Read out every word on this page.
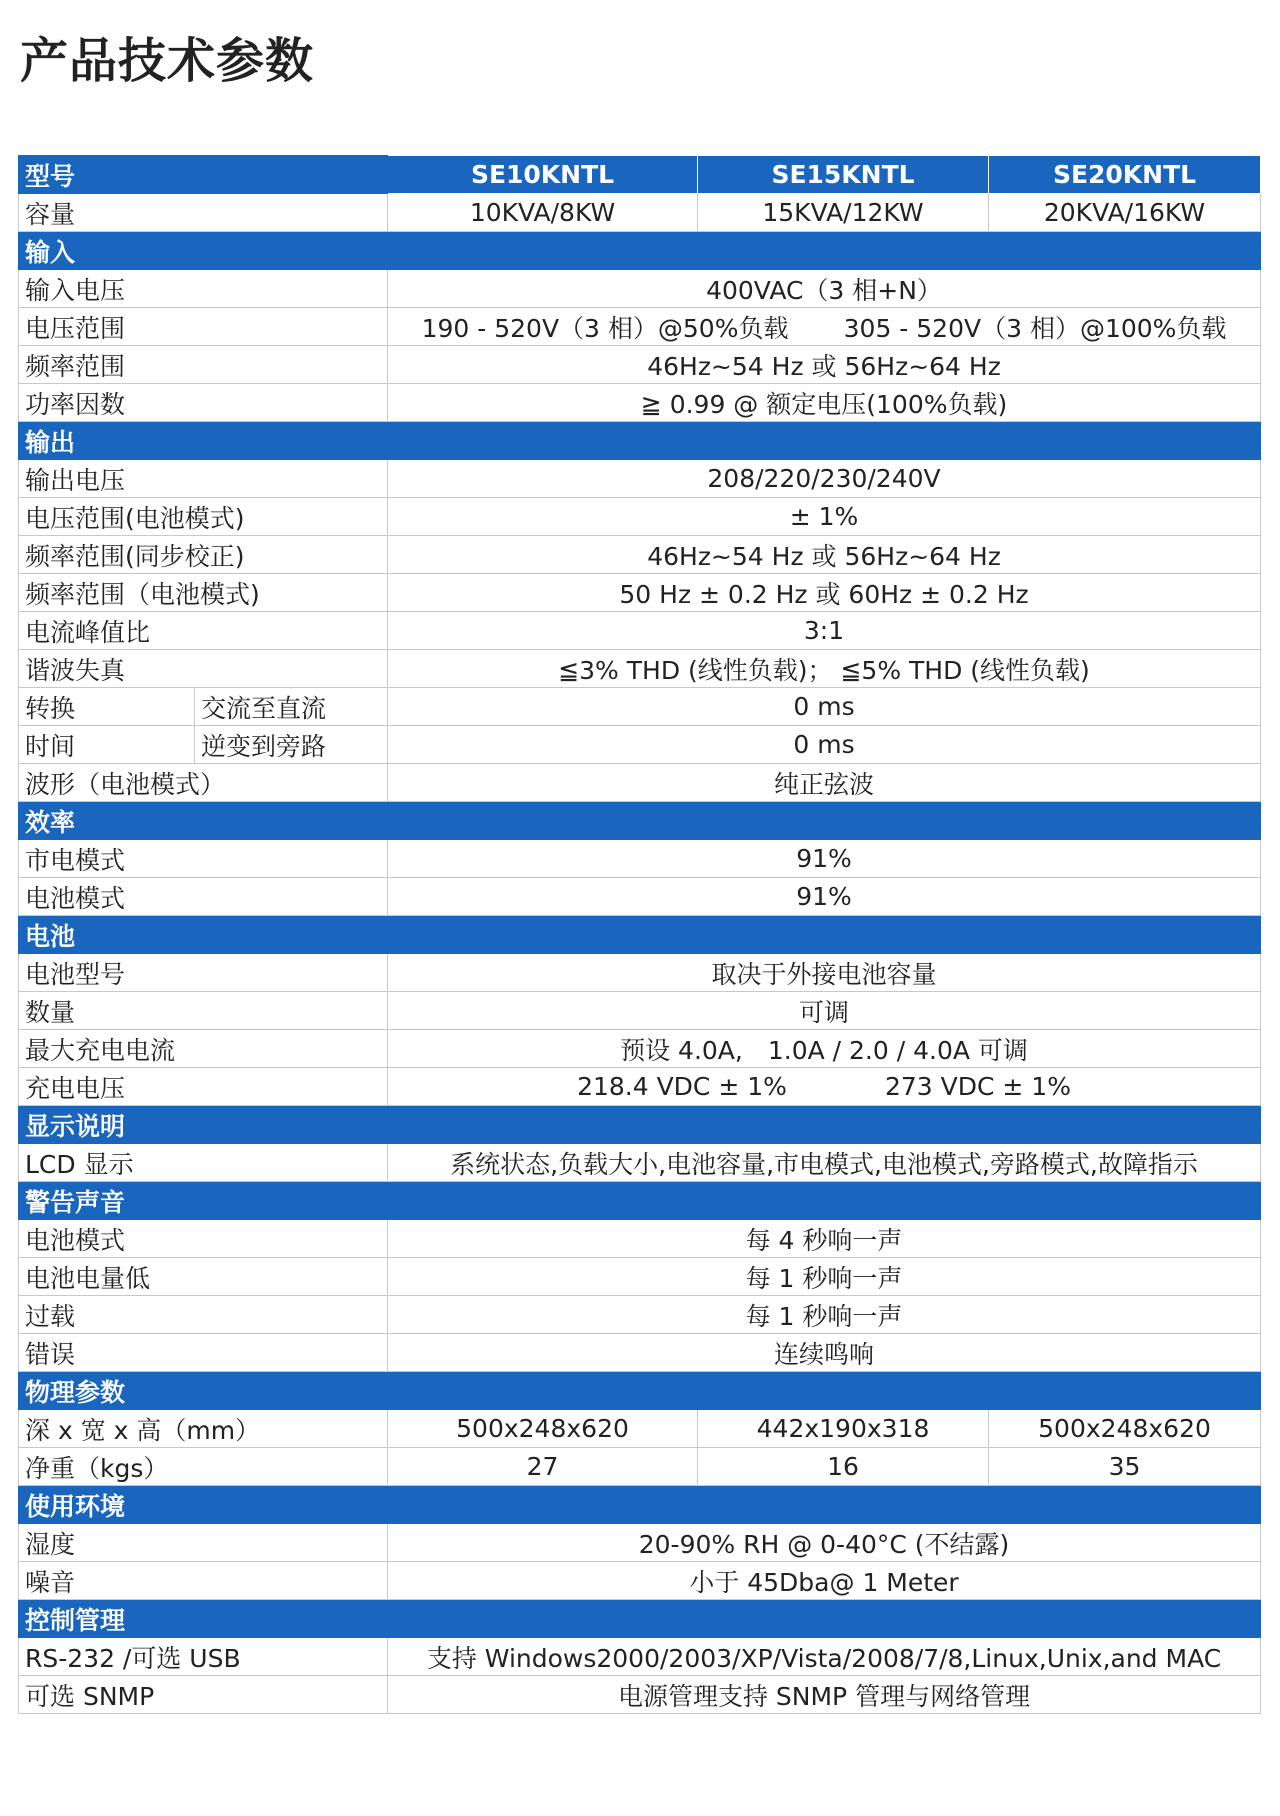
产品技术参数
型号		SE10KNTL	SE15KNTL	SE20KNTL
容量		10KVA/8KW	15KVA/12KW	20KVA/16KW
输入				
输入电压		400VAC（3 相+N）		
电压范围		190 - 520V（3 相）@50%负载 305 - 520V（3 相）@100%负载		

频率范围		46Hz~54 Hz 或 56Hz~64 Hz		
功率因数		≧ 0.99 @ 额定电压(100%负载)		
输出				
输出电压		208/220/230/240V		
电压范围(电池模式)		± 1%		
频率范围(同步校正)		46Hz~54 Hz 或 56Hz~64 Hz		
频率范围（电池模式)		50 Hz ± 0.2 Hz 或 60Hz ± 0.2 Hz		
电流峰值比		3:1		
谐波失真		≦3% THD (线性负载)； ≦5% THD (线性负载)		
转换	交流至直流	0 ms		
时间	逆变到旁路	0 ms		
波形（电池模式）		纯正弦波		
效率				
市电模式		91%		
电池模式		91%		
电池				
电池型号		取决于外接电池容量		
数量		可调		
最大充电电流		预设 4.0A,　1.0A / 2.0 / 4.0A 可调		
充电电压		218.4 VDC ± 1% 273 VDC ± 1%		

显示说明				
LCD 显示		系统状态,负载大小,电池容量,市电模式,电池模式,旁路模式,故障指示		
警告声音				
电池模式		每 4 秒响一声		
电池电量低		每 1 秒响一声		
过载		每 1 秒响一声		
错误		连续鸣响		
物理参数				
深 x 宽 x 高（mm）		500x248x620	442x190x318	500x248x620
净重（kgs）		27	16	35
使用环境				
湿度		20-90% RH @ 0-40°C (不结露)		
噪音		小于 45Dba@ 1 Meter		
控制管理				
RS-232 /可选 USB		支持 Windows2000/2003/XP/Vista/2008/7/8,Linux,Unix,and MAC		
可选 SNMP		电源管理支持 SNMP 管理与网络管理		
